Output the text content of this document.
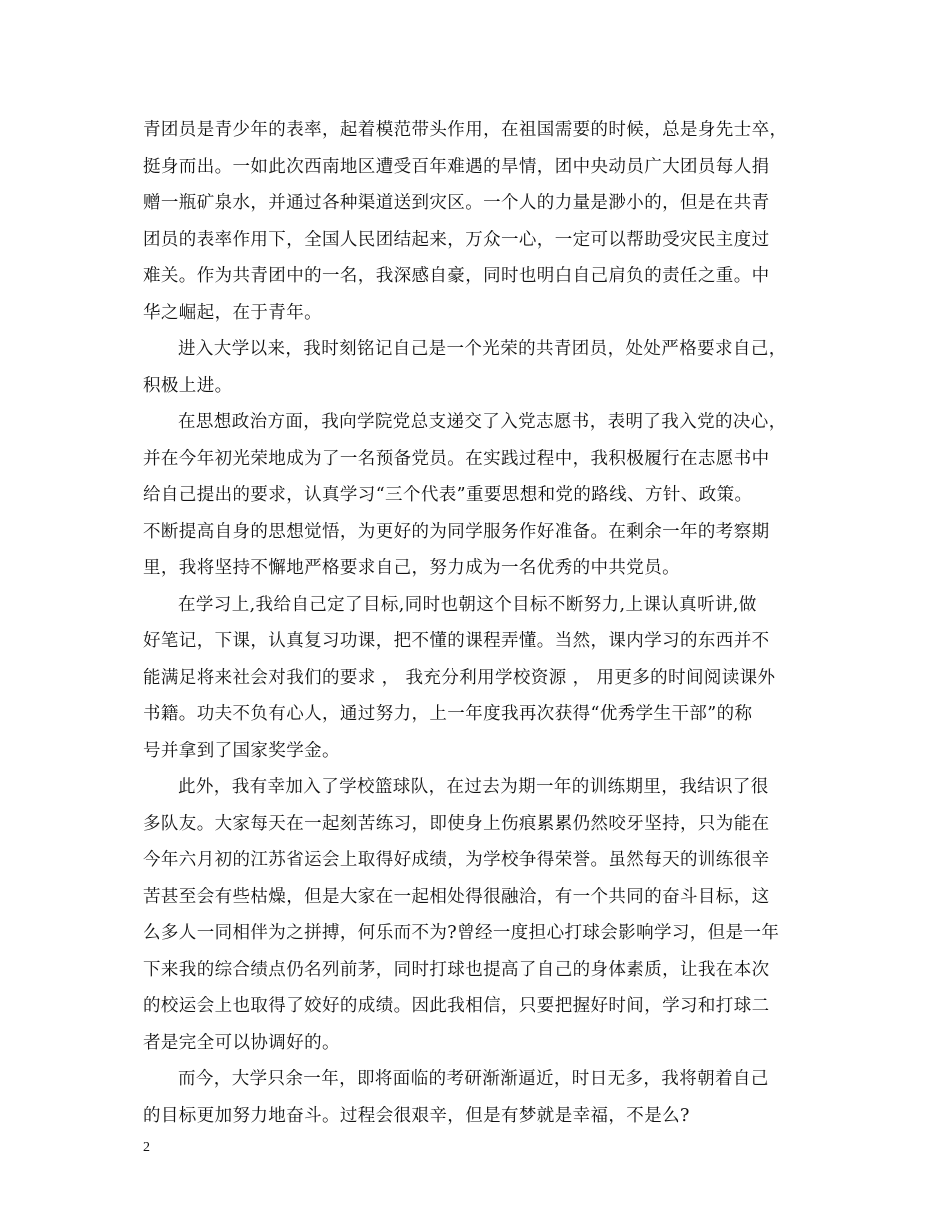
青团员是青少年的表率，起着模范带头作用，在祖国需要的时候，总是身先士卒，
挺身而出。一如此次西南地区遭受百年难遇的旱情，团中央动员广大团员每人捐
赠一瓶矿泉水，并通过各种渠道送到灾区。一个人的力量是渺小的，但是在共青
团员的表率作用下，全国人民团结起来，万众一心，一定可以帮助受灾民主度过
难关。作为共青团中的一名，我深感自豪，同时也明白自己肩负的责任之重。中
华之崛起，在于青年。
进入大学以来，我时刻铭记自己是一个光荣的共青团员，处处严格要求自己，
积极上进。
在思想政治方面，我向学院党总支递交了入党志愿书，表明了我入党的决心，
并在今年初光荣地成为了一名预备党员。在实践过程中，我积极履行在志愿书中
给自己提出的要求，认真学习“三个代表”重要思想和党的路线、方针、政策。
不断提高自身的思想觉悟，为更好的为同学服务作好准备。在剩余一年的考察期
里，我将坚持不懈地严格要求自己，努力成为一名优秀的中共党员。
在学习上,我给自己定了目标,同时也朝这个目标不断努力,上课认真听讲,做
好笔记，下课，认真复习功课，把不懂的课程弄懂。当然，课内学习的东西并不
能满足将来社会对我们的要求 ， 我充分利用学校资源 ， 用更多的时间阅读课外
书籍。功夫不负有心人，通过努力，上一年度我再次获得“优秀学生干部”的称
号并拿到了国家奖学金。
此外，我有幸加入了学校篮球队，在过去为期一年的训练期里，我结识了很
多队友。大家每天在一起刻苦练习，即使身上伤痕累累仍然咬牙坚持，只为能在
今年六月初的江苏省运会上取得好成绩，为学校争得荣誉。虽然每天的训练很辛
苦甚至会有些枯燥，但是大家在一起相处得很融洽，有一个共同的奋斗目标，这
么多人一同相伴为之拼搏，何乐而不为?曾经一度担心打球会影响学习，但是一年
下来我的综合绩点仍名列前茅，同时打球也提高了自己的身体素质，让我在本次
的校运会上也取得了姣好的成绩。因此我相信，只要把握好时间，学习和打球二
者是完全可以协调好的。
而今，大学只余一年，即将面临的考研渐渐逼近，时日无多，我将朝着自己
的目标更加努力地奋斗。过程会很艰辛，但是有梦就是幸福，不是么?
2
